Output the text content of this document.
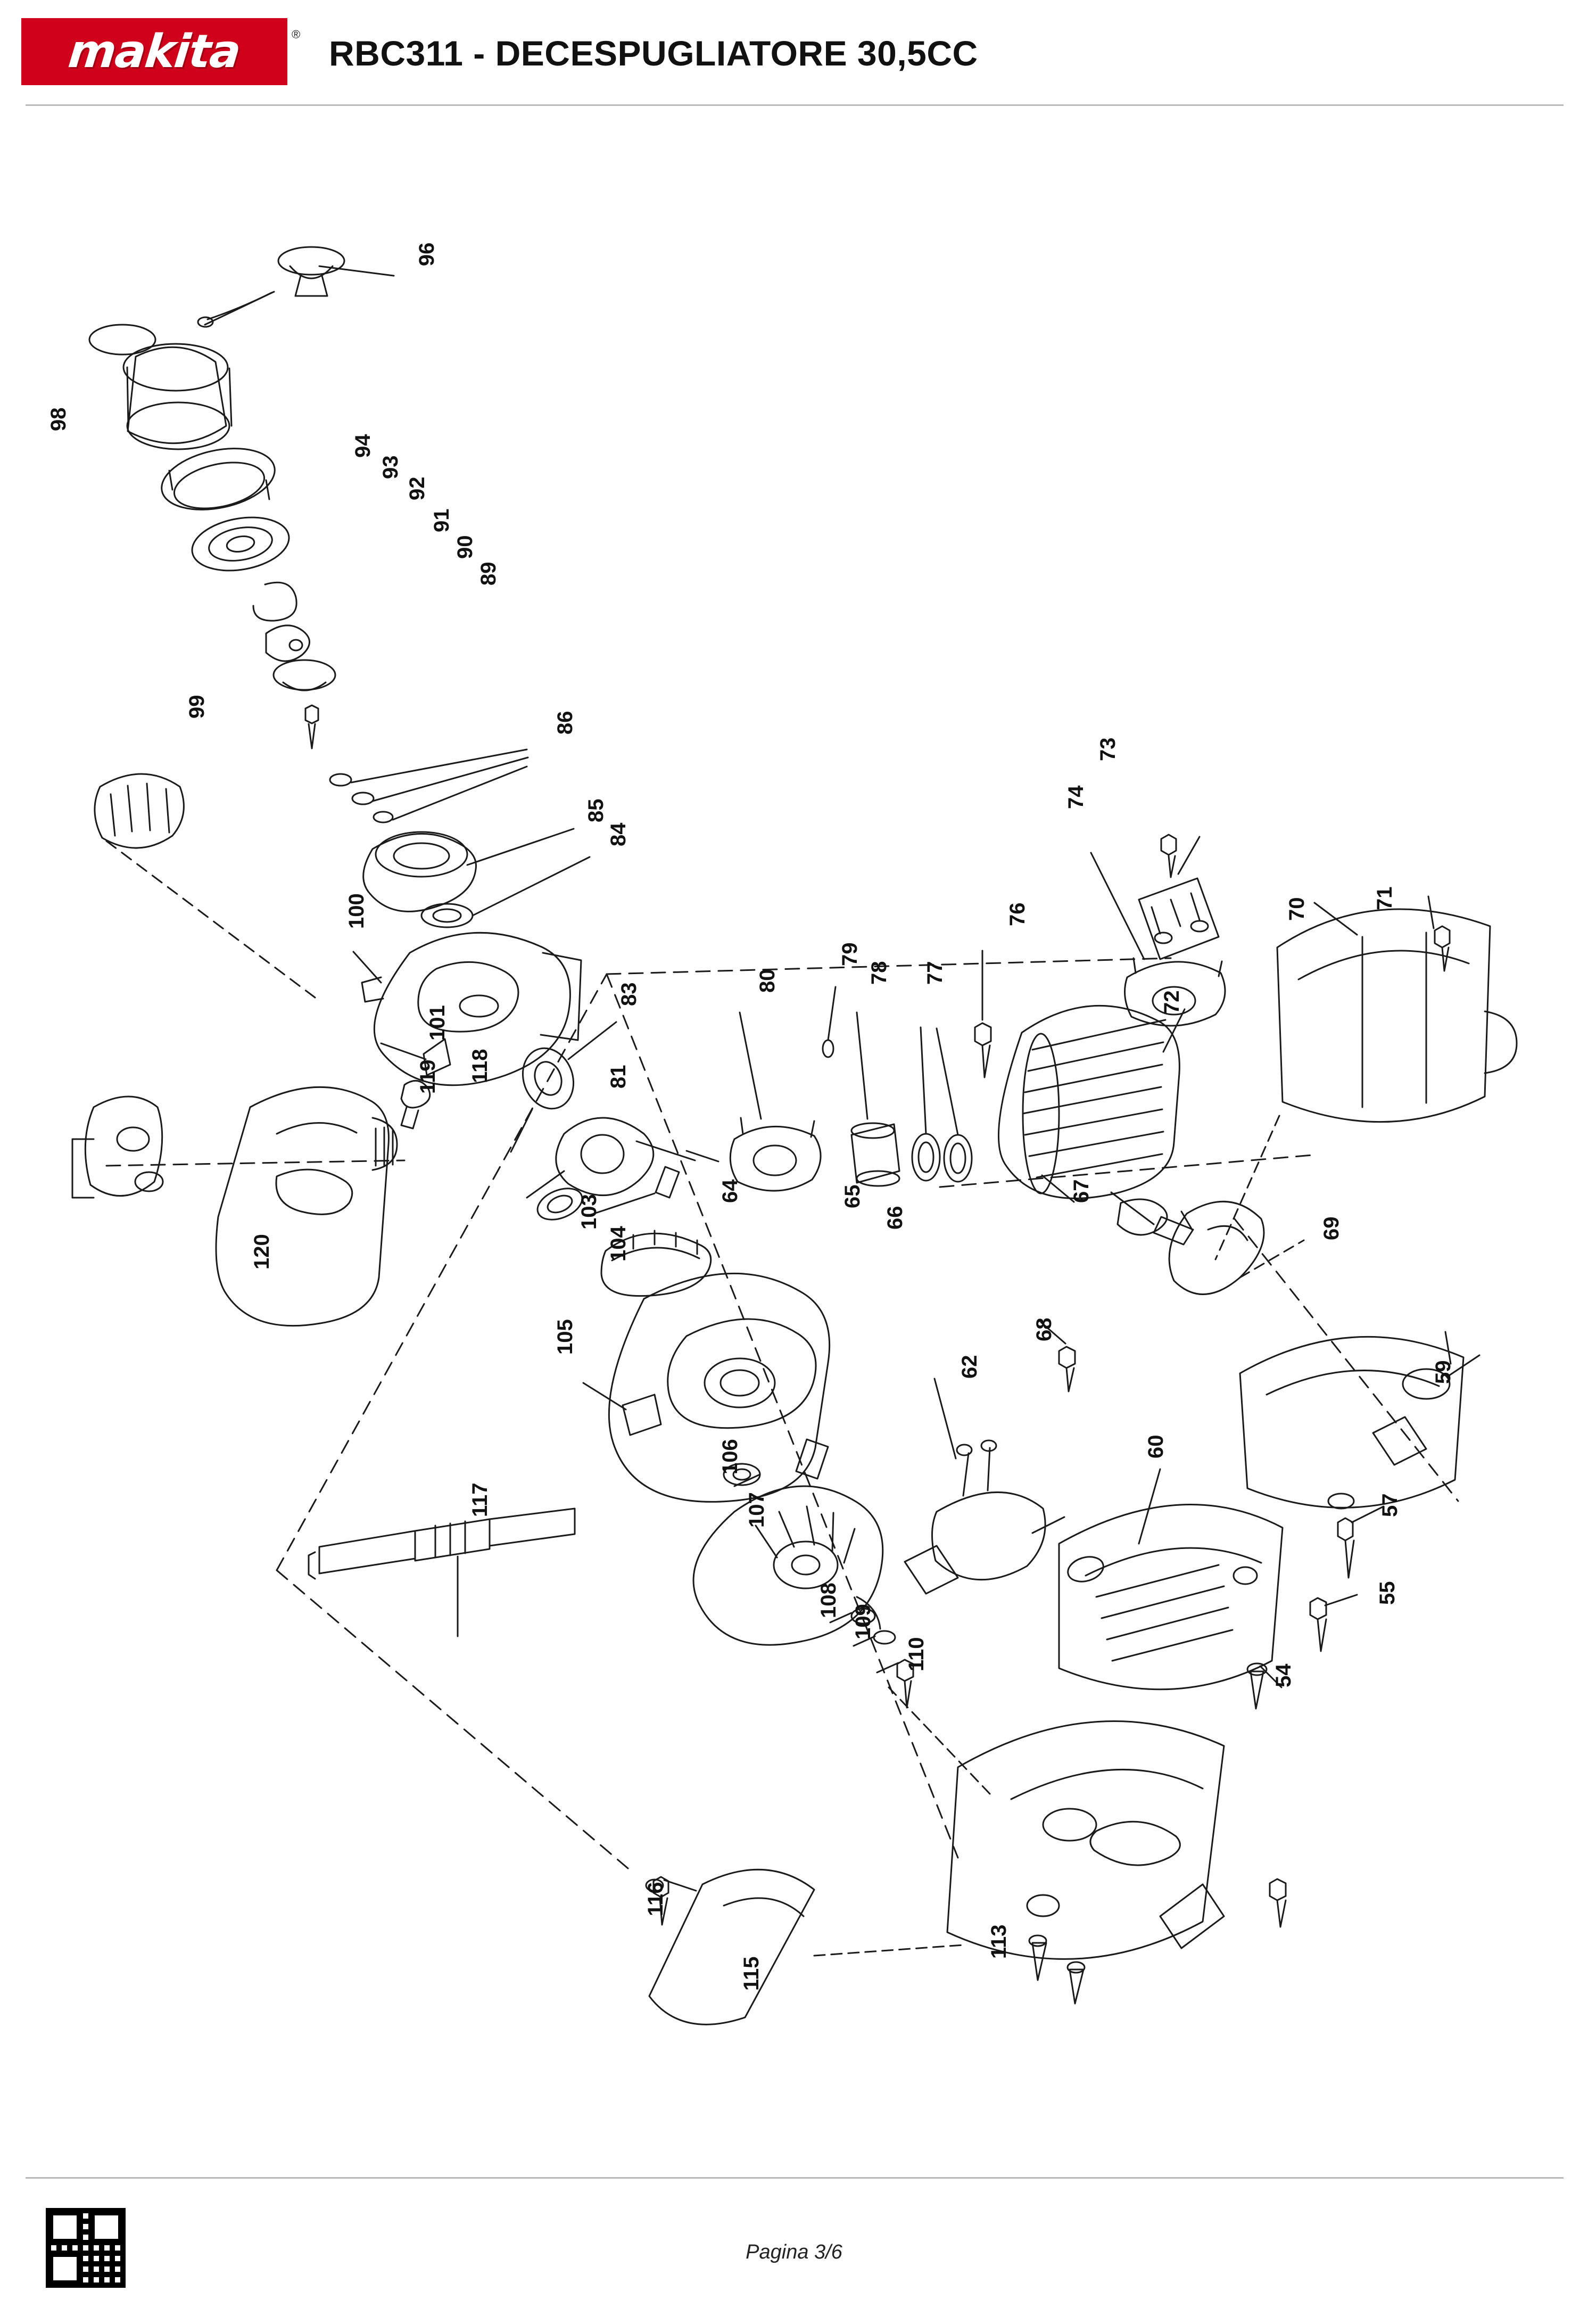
makita	® RBC311 - DECESPUGLIATORE 30,5CC
96
98
94
93
92
91
90
89
86
99
85
84
100
101
118
119
120
83
81
103
104
64
105
117
106
107
108
109
110
116
115
113
62
68
60
59
57
55
54
80
79
78 77
76
65
66
67
72
73
74
70	71
69
Pagina 3/6
